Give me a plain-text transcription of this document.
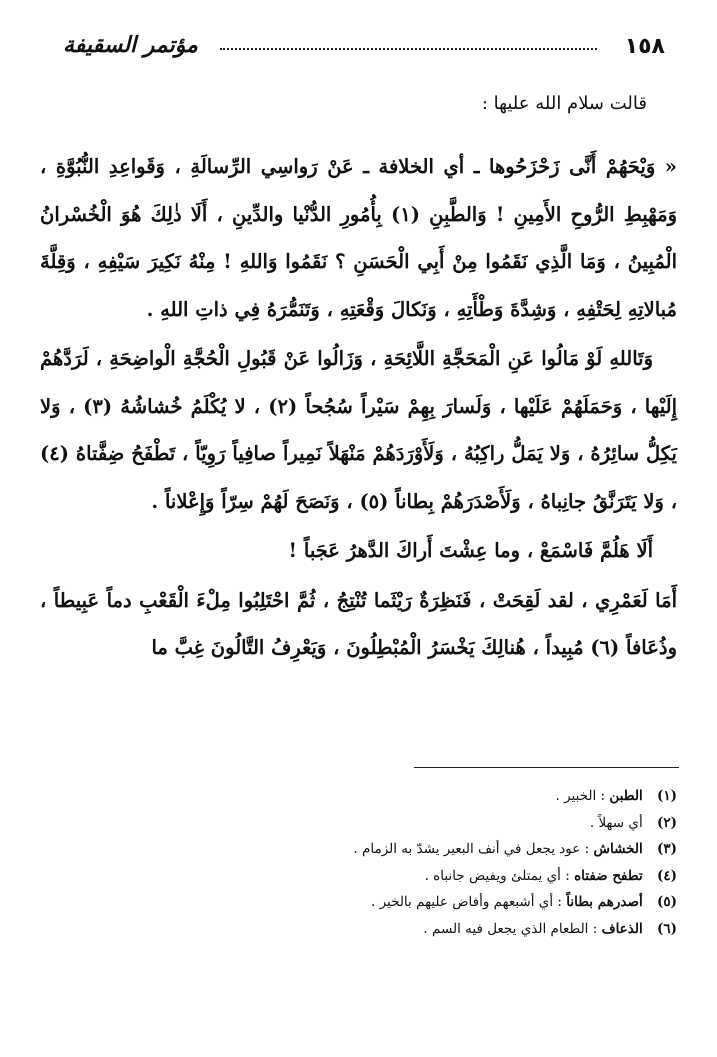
مؤتمر السقيفة	١٥٨
قالت سلام الله عليها :

« وَيْحَهُمْ أَنَّى زَحْزَحُوها ـ أي الخلافة ـ عَنْ رَواسِي الرِّسالَةِ ، وَقَواعِدِ النُّبُوَّةِ ، وَمَهْبِطِ الرُّوحِ الأَمِينِ ! وَالطَّبِنِ (١) بِأُمُورِ الدُّنْيا والدِّينِ ، أَلَا ذٰلِكَ هُوَ الْخُسْرانُ الْمُبِينُ ، وَمَا الَّذِي نَقَمُوا مِنْ أَبِي الْحَسَنِ ؟ نَقَمُوا وَاللهِ ! مِنْهُ نَكِيرَ سَيْفِهِ ، وَقِلَّةَ مُبالاتِهِ لِحَتْفِهِ ، وَشِدَّةَ وَطْأَتِهِ ، وَنَكالَ وَقْعَتِهِ ، وَتَنَمُّرَهُ فِي ذاتِ اللهِ .

وَتَاللهِ لَوْ مَالُوا عَنِ الْمَحَجَّةِ اللَّائِحَةِ ، وَزَالُوا عَنْ قَبُولِ الْحُجَّةِ الْواضِحَةِ ، لَرَدَّهُمْ إِلَيْها ، وَحَمَلَهُمْ عَلَيْها ، وَلَسارَ بِهِمْ سَيْراً سُجُحاً (٢) ، لا يُكْلَمُ خُشاشُهُ (٣) ، وَلا يَكِلُّ سائِرُهُ ، وَلا يَمَلُّ راكِبُهُ ، وَلَأَوْرَدَهُمْ مَنْهَلاً نَمِيراً صافِياً رَوِيّاً ، تَطْفَحُ ضِفَّتاهُ (٤) ، وَلا يَتَرَنَّقُ جانِباهُ ، وَلَأَصْدَرَهُمْ بِطاناً (٥) ، وَنَصَحَ لَهُمْ سِرّاً وَإِعْلاناً .

أَلَا هَلُمَّ فَاسْمَعْ ، وما عِشْتَ أَراكَ الدَّهرُ عَجَباً !

أَمَا لَعَمْرِي ، لقد لَقِحَتْ ، فَنَظِرَةٌ رَيْثَما تُنْتِجُ ، ثُمَّ احْتَلِبُوا مِلْءَ الْقَعْبِ دماً عَبِيطاً ، وذُعَافاً (٦) مُبِيداً ، هُنالِكَ يَخْسَرُ الْمُبْطِلُونَ ، وَيَعْرِفُ التَّالُونَ غِبَّ ما

(١) الطبن : الخبير .
(٢) أي سهلاً .
(٣) الخشاش : عود يجعل في أنف البعير يشدّ به الزمام .
(٤) تطفح ضفتاه : أي يمتلئ ويفيض جانباه .
(٥) أصدرهم بطاناً : أي أشبعهم وأفاض عليهم بالخير .
(٦) الذعاف : الطعام الذي يجعل فيه السم .
